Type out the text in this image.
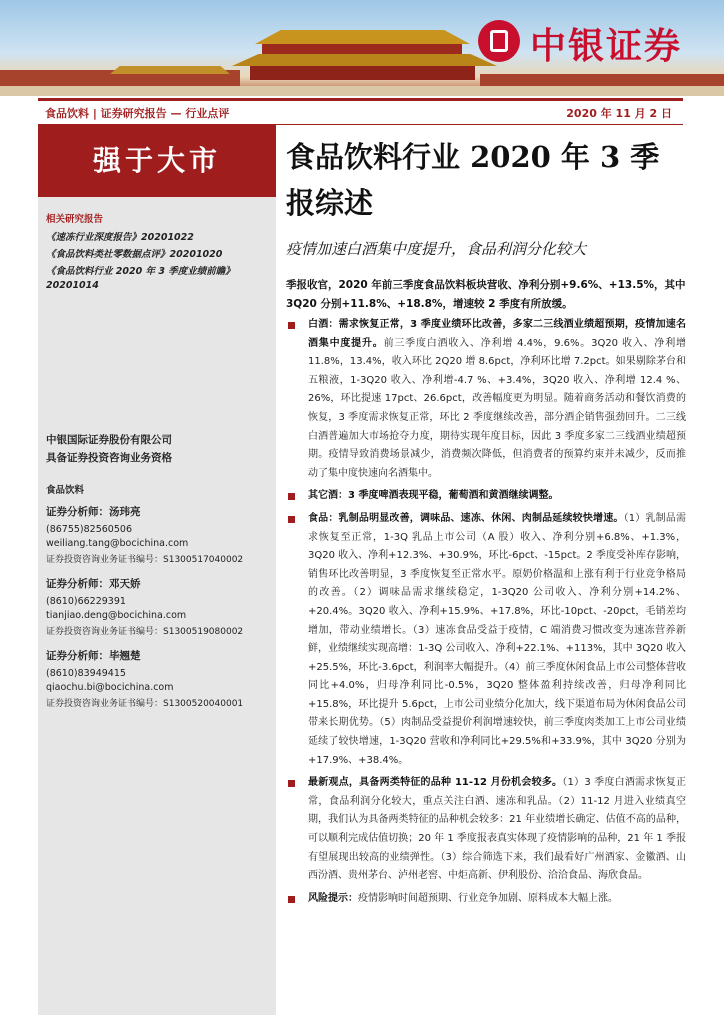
中银证券
食品饮料 | 证券研究报告 — 行业点评	2020 年 11 月 2 日
强于大市
相关研究报告
《速冻行业深度报告》20201022
《食品饮料类社零数据点评》20201020
《食品饮料行业 2020 年 3 季度业绩前瞻》
20201014
中银国际证券股份有限公司
具备证券投资咨询业务资格
食品饮料
证券分析师：汤玮亮
(86755)82560506
weiliang.tang@bocichina.com
证券投资咨询业务证书编号：S1300517040002
证券分析师：邓天娇
(8610)66229391
tianjiao.deng@bocichina.com
证券投资咨询业务证书编号：S1300519080002
证券分析师：毕翘楚
(8610)83949415
qiaochu.bi@bocichina.com
证券投资咨询业务证书编号：S1300520040001
食品饮料行业 2020 年 3 季报综述
疫情加速白酒集中度提升，食品利润分化较大
季报收官，2020 年前三季度食品饮料板块营收、净利分别+9.6%、+13.5%，其中 3Q20 分别+11.8%、+18.8%，增速较 2 季度有所放缓。
白酒：需求恢复正常，3 季度业绩环比改善，多家二三线酒业绩超预期，疫情加速名酒集中度提升。前三季度白酒收入、净利增 4.4%，9.6%。3Q20 收入、净利增 11.8%，13.4%，收入环比 2Q20 增 8.6pct，净利环比增 7.2pct。如果剔除茅台和五粮液，1-3Q20 收入、净利增-4.7 %、+3.4%，3Q20 收入、净利增 12.4 %、26%，环比提速 17pct、26.6pct，改善幅度更为明显。随着商务活动和餐饮消费的恢复，3 季度需求恢复正常，环比 2 季度继续改善，部分酒企销售强劲回升。二三线白酒普遍加大市场抢夺力度，期待实现年度目标，因此 3 季度多家二三线酒业绩超预期。疫情导致消费场景减少，消费频次降低，但消费者的预算约束并未减少，反而推动了集中度快速向名酒集中。
其它酒：3 季度啤酒表现平稳，葡萄酒和黄酒继续调整。
食品：乳制品明显改善，调味品、速冻、休闲、肉制品延续较快增速。（1）乳制品需求恢复至正常，1-3Q 乳品上市公司（A 股）收入、净利分别+6.8%、+1.3%，3Q20 收入、净利+12.3%、+30.9%，环比-6pct、-15pct。2 季度受补库存影响，销售环比改善明显，3 季度恢复至正常水平。原奶价格温和上涨有利于行业竞争格局的改善。（2）调味品需求继续稳定，1-3Q20 公司收入、净利分别+14.2%、+20.4%。3Q20 收入、净利+15.9%、+17.8%，环比-10pct、-20pct，毛销差均增加，带动业绩增长。（3）速冻食品受益于疫情，C 端消费习惯改变为速冻营养新鲜，业绩继续实现高增：1-3Q 公司收入、净利+22.1%、+113%，其中 3Q20 收入+25.5%，环比-3.6pct，利润率大幅提升。（4）前三季度休闲食品上市公司整体营收同比+4.0%，归母净利同比-0.5%，3Q20 整体盈利持续改善，归母净利同比+15.8%，环比提升 5.6pct，上市公司业绩分化加大，线下渠道布局为休闲食品公司带来长期优势。（5）肉制品受益提价利润增速较快，前三季度肉类加工上市公司业绩延续了较快增速，1-3Q20 营收和净利同比+29.5%和+33.9%，其中 3Q20 分别为+17.9%、+38.4%。
最新观点，具备两类特征的品种 11-12 月份机会较多。（1）3 季度白酒需求恢复正常，食品利润分化较大，重点关注白酒、速冻和乳品。（2）11-12 月进入业绩真空期，我们认为具备两类特征的品种机会较多：21 年业绩增长确定、估值不高的品种，可以顺利完成估值切换；20 年 1 季度报表真实体现了疫情影响的品种，21 年 1 季报有望展现出较高的业绩弹性。（3）综合筛选下来，我们最看好广州酒家、金徽酒、山西汾酒、贵州茅台、泸州老窖、中炬高新、伊利股份、洽洽食品、海欣食品。
风险提示：疫情影响时间超预期、行业竞争加剧、原料成本大幅上涨。
